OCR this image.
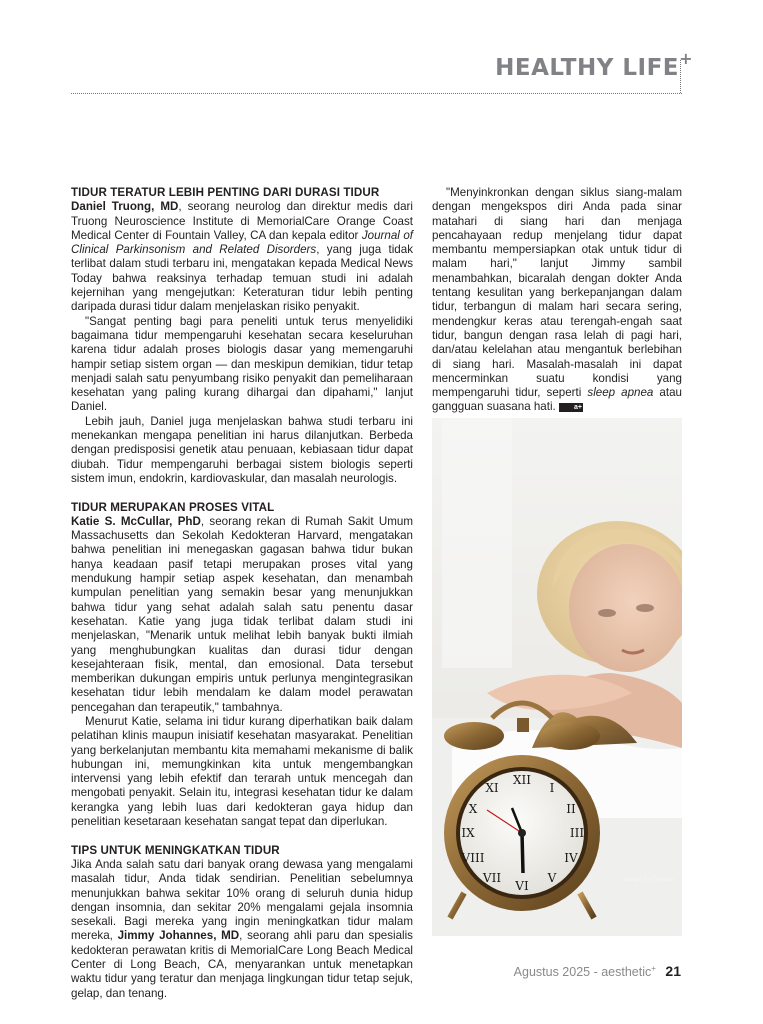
HEALTHY LIFE +
TIDUR TERATUR LEBIH PENTING DARI DURASI TIDUR

Daniel Truong, MD, seorang neurolog dan direktur medis dari Truong Neuroscience Institute di MemorialCare Orange Coast Medical Center di Fountain Valley, CA dan kepala editor Journal of Clinical Parkinsonism and Related Disorders, yang juga tidak terlibat dalam studi terbaru ini, mengatakan kepada Medical News Today bahwa reaksinya terhadap temuan studi ini adalah kejernihan yang mengejutkan: Keteraturan tidur lebih penting daripada durasi tidur dalam menjelaskan risiko penyakit.

"Sangat penting bagi para peneliti untuk terus menyelidiki bagaimana tidur mempengaruhi kesehatan secara keseluruhan karena tidur adalah proses biologis dasar yang memengaruhi hampir setiap sistem organ — dan meskipun demikian, tidur tetap menjadi salah satu penyumbang risiko penyakit dan pemeliharaan kesehatan yang paling kurang dihargai dan dipahami," lanjut Daniel.

Lebih jauh, Daniel juga menjelaskan bahwa studi terbaru ini menekankan mengapa penelitian ini harus dilanjutkan. Berbeda dengan predisposisi genetik atau penuaan, kebiasaan tidur dapat diubah. Tidur mempengaruhi berbagai sistem biologis seperti sistem imun, endokrin, kardiovaskular, dan masalah neurologis.

TIDUR MERUPAKAN PROSES VITAL

Katie S. McCullar, PhD, seorang rekan di Rumah Sakit Umum Massachusetts dan Sekolah Kedokteran Harvard, mengatakan bahwa penelitian ini menegaskan gagasan bahwa tidur bukan hanya keadaan pasif tetapi merupakan proses vital yang mendukung hampir setiap aspek kesehatan, dan menambah kumpulan penelitian yang semakin besar yang menunjukkan bahwa tidur yang sehat adalah salah satu penentu dasar kesehatan. Katie yang juga tidak terlibat dalam studi ini menjelaskan, "Menarik untuk melihat lebih banyak bukti ilmiah yang menghubungkan kualitas dan durasi tidur dengan kesejahteraan fisik, mental, dan emosional. Data tersebut memberikan dukungan empiris untuk perlunya mengintegrasikan kesehatan tidur lebih mendalam ke dalam model perawatan pencegahan dan terapeutik," tambahnya.

Menurut Katie, selama ini tidur kurang diperhatikan baik dalam pelatihan klinis maupun inisiatif kesehatan masyarakat. Penelitian yang berkelanjutan membantu kita memahami mekanisme di balik hubungan ini, memungkinkan kita untuk mengembangkan intervensi yang lebih efektif dan terarah untuk mencegah dan mengobati penyakit. Selain itu, integrasi kesehatan tidur ke dalam kerangka yang lebih luas dari kedokteran gaya hidup dan penelitian kesetaraan kesehatan sangat tepat dan diperlukan.

TIPS UNTUK MENINGKATKAN TIDUR

Jika Anda salah satu dari banyak orang dewasa yang mengalami masalah tidur, Anda tidak sendirian. Penelitian sebelumnya menunjukkan bahwa sekitar 10% orang di seluruh dunia hidup dengan insomnia, dan sekitar 20% mengalami gejala insomnia sesekali. Bagi mereka yang ingin meningkatkan tidur malam mereka, Jimmy Johannes, MD, seorang ahli paru dan spesialis kedokteran perawatan kritis di MemorialCare Long Beach Medical Center di Long Beach, CA, menyarankan untuk menetapkan waktu tidur yang teratur dan menjaga lingkungan tidur tetap sejuk, gelap, dan tenang.

"Menyinkronkan dengan siklus siang-malam dengan mengekspos diri Anda pada sinar matahari di siang hari dan menjaga pencahayaan redup menjelang tidur dapat membantu mempersiapkan otak untuk tidur di malam hari," lanjut Jimmy sambil menambahkan, bicaralah dengan dokter Anda tentang kesulitan yang berkepanjangan dalam tidur, terbangun di malam hari secara sering, mendengkur keras atau terengah-engah saat tidur, bangun dengan rasa lelah di pagi hari, dan/atau kelelahan atau mengantuk berlebihan di siang hari. Masalah-masalah ini dapat mencerminkan suatu kondisi yang mempengaruhi tidur, seperti sleep apnea atau gangguan suasana hati.	a+

XII
I
II
III
IV
V
VI
VII
VIII
IX
X
XI
Image by Freepik
Agustus 2025 - aesthetic+ 21
